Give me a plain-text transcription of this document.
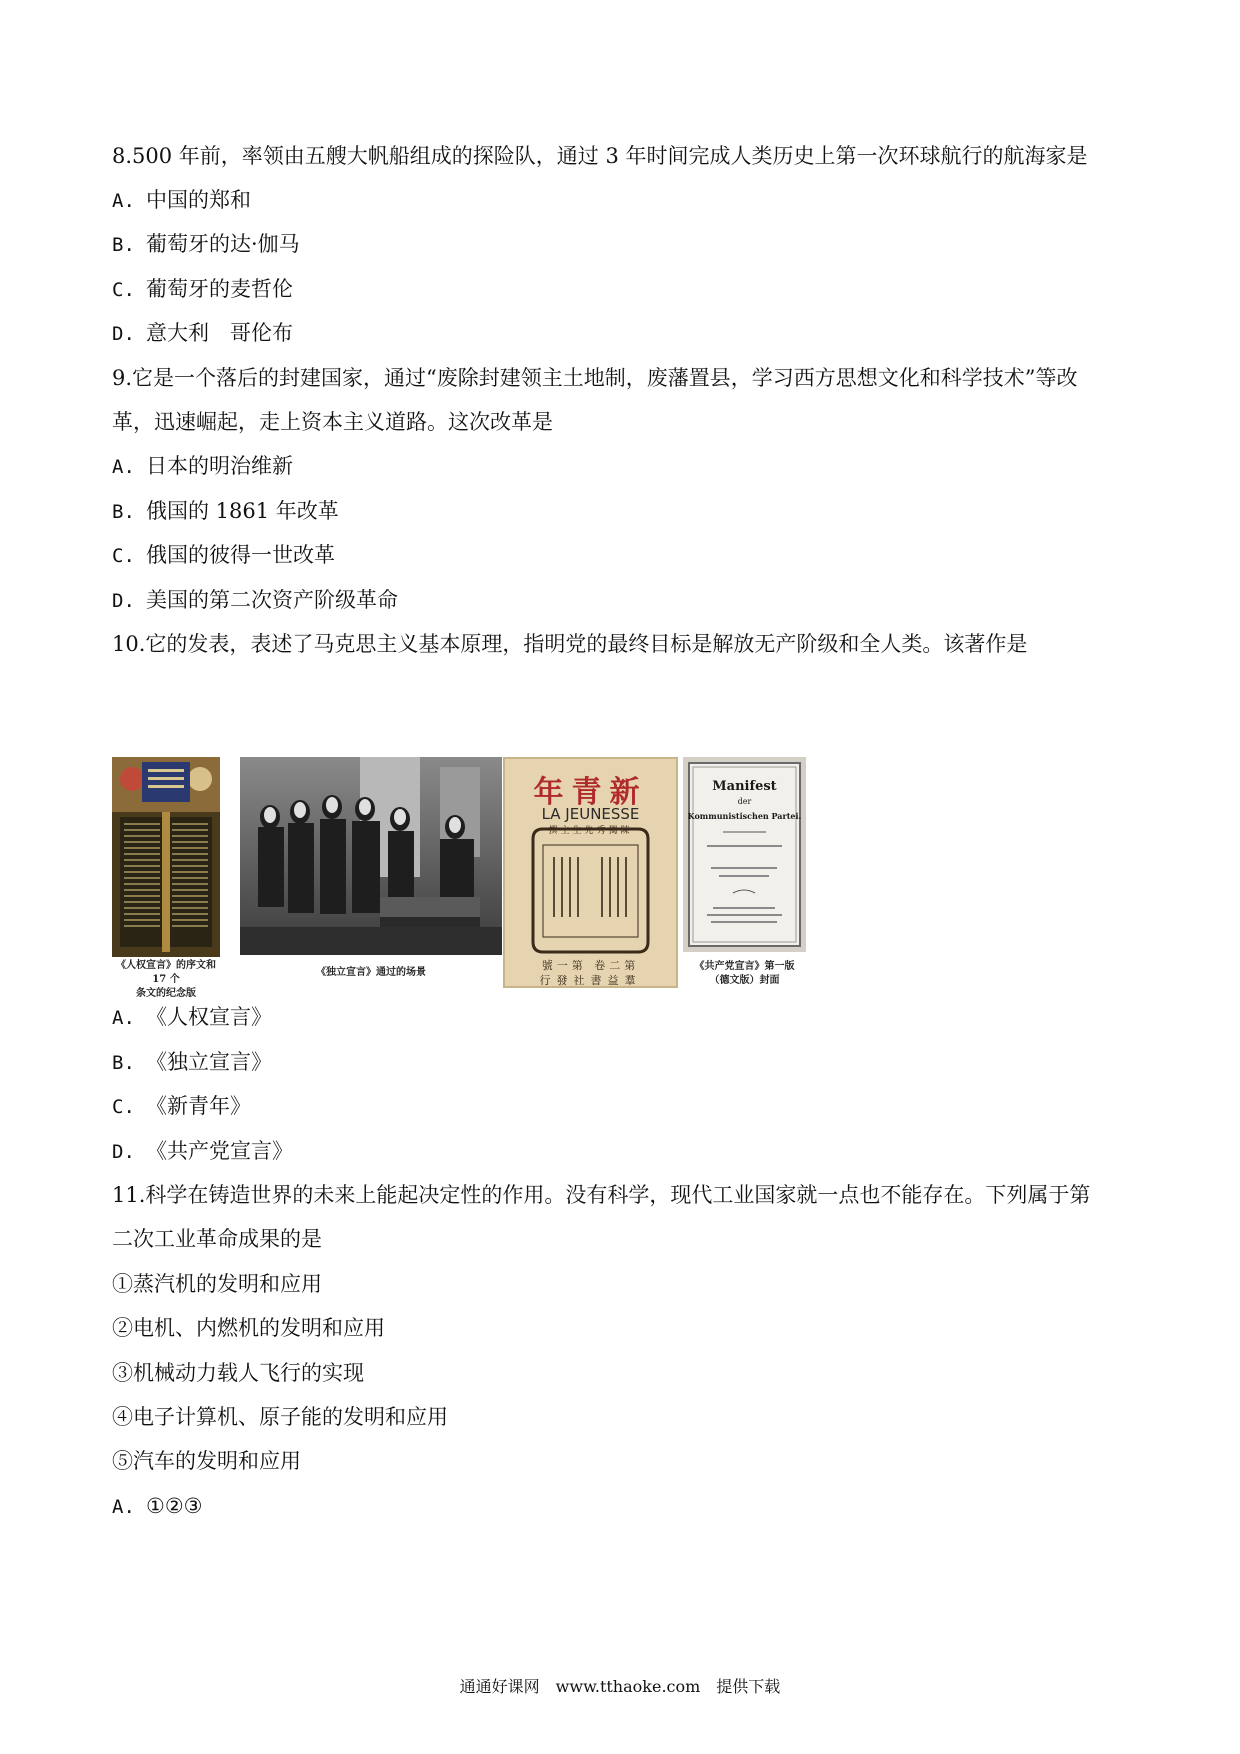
8.500 年前，率领由五艘大帆船组成的探险队，通过 3 年时间完成人类历史上第一次环球航行的航海家是
A. 中国的郑和
B. 葡萄牙的达·伽马
C. 葡萄牙的麦哲伦
D. 意大利　哥伦布
9.它是一个落后的封建国家，通过“废除封建领主土地制，废藩置县，学习西方思想文化和科学技术”等改
革，迅速崛起，走上资本主义道路。这次改革是
A. 日本的明治维新
B. 俄国的 1861 年改革
C. 俄国的彼得一世改革
D. 美国的第二次资产阶级革命
10.它的发表，表述了马克思主义基本原理，指明党的最终目标是解放无产阶级和全人类。该著作是
《人权宣言》的序文和 17 个
条文的纪念版
《独立宣言》通过的场景
年青新
LA JEUNESSE
撰主生先秀獨陳
號一第 卷二第
行發社書益羣
Manifest
der
Kommunistischen Partei.
《共产党宣言》第一版
（德文版）封面
A. 《人权宣言》
B. 《独立宣言》
C. 《新青年》
D. 《共产党宣言》
11.科学在铸造世界的未来上能起决定性的作用。没有科学，现代工业国家就一点也不能存在。下列属于第
二次工业革命成果的是
①蒸汽机的发明和应用
②电机、内燃机的发明和应用
③机械动力载人飞行的实现
④电子计算机、原子能的发明和应用
⑤汽车的发明和应用
A. ①②③
通通好课网　www.tthaoke.com　提供下载
